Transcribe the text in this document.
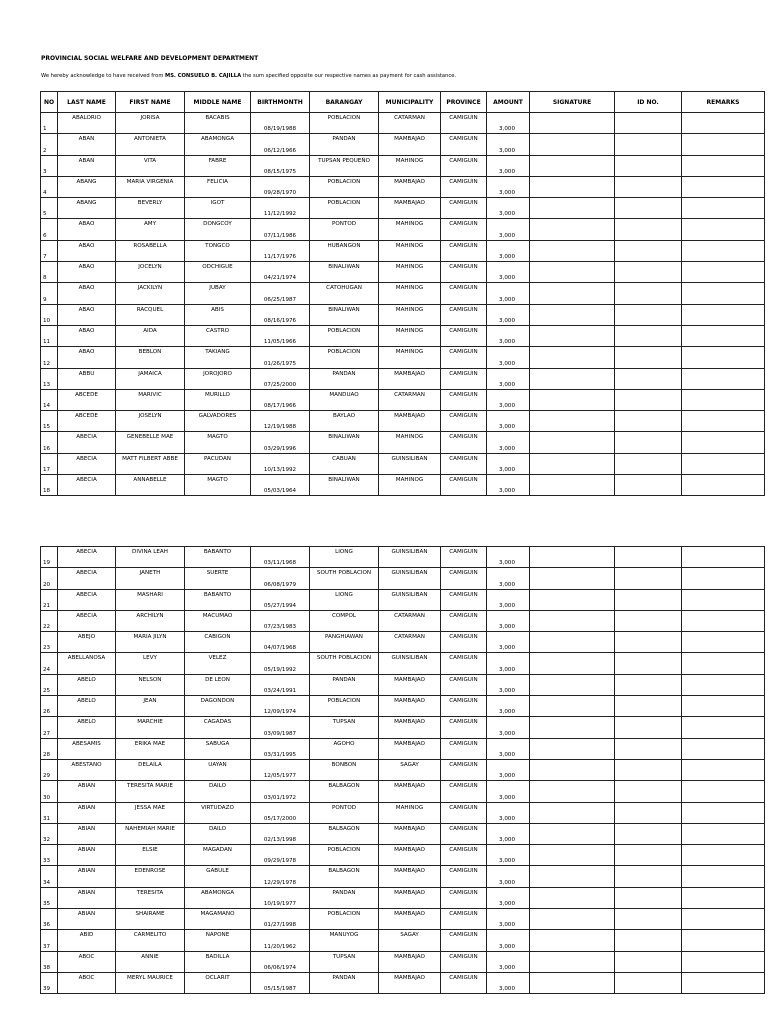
PROVINCIAL SOCIAL WELFARE AND DEVELOPMENT DEPARTMENT
We hereby acknowledge to have received from MS. CONSUELO B. CAJILLA the sum specified opposite our respective names as payment for cash assistance.
NO	LAST NAME	FIRST NAME	MIDDLE NAME	BIRTHMONTH	BARANGAY	MUNICIPALITY	PROVINCE	AMOUNT	SIGNATURE	ID NO.	REMARKS
1	ABALORIO	JORISA	BACABIS	08/19/1988	POBLACION	CATARMAN	CAMIGUIN	3,000			
2	ABAN	ANTONIETA	ABAMONGA	06/12/1966	PANDAN	MAMBAJAO	CAMIGUIN	3,000			
3	ABAN	VITA	FABRE	08/15/1975	TUPSAN PEQUEÑO	MAHINOG	CAMIGUIN	3,000			
4	ABANG	MARIA VIRGENIA	FELICIA	09/28/1970	POBLACION	MAMBAJAO	CAMIGUIN	3,000			
5	ABANG	BEVERLY	IGOT	11/12/1992	POBLACION	MAMBAJAO	CAMIGUIN	3,000			
6	ABAO	AMY	DONGCOY	07/11/1986	PONTOD	MAHINOG	CAMIGUIN	3,000			
7	ABAO	ROSABELLA	TONGCO	11/17/1976	HUBANGON	MAHINOG	CAMIGUIN	3,000			
8	ABAO	JOCELYN	ODCHIGUE	04/21/1974	BINALIWAN	MAHINOG	CAMIGUIN	3,000			
9	ABAO	JACKILYN	JUBAY	06/25/1987	CATOHUGAN	MAHINOG	CAMIGUIN	3,000			
10	ABAO	RACQUEL	ABIS	08/16/1976	BINALIWAN	MAHINOG	CAMIGUIN	3,000			
11	ABAO	AIDA	CASTRO	11/05/1966	POBLACION	MAHINOG	CAMIGUIN	3,000			
12	ABAO	BEBLON	TAKIANG	01/26/1975	POBLACION	MAHINOG	CAMIGUIN	3,000			
13	ABBU	JAMAICA	JOROJORO	07/25/2000	PANDAN	MAMBAJAO	CAMIGUIN	3,000			
14	ABCEDE	MARIVIC	MURILLO	08/17/1966	MANDUAO	CATARMAN	CAMIGUIN	3,000			
15	ABCEDE	JOSELYN	GALVADORES	12/19/1988	BAYLAO	MAMBAJAO	CAMIGUIN	3,000			
16	ABECIA	GENEBELLE MAE	MAGTO	03/29/1996	BINALIWAN	MAHINOG	CAMIGUIN	3,000			
17	ABECIA	MATT FILBERT ABBE	PACUDAN	10/13/1992	CABUAN	GUINSILIBAN	CAMIGUIN	3,000			
18	ABECIA	ANNABELLE	MAGTO	05/03/1964	BINALIWAN	MAHINOG	CAMIGUIN	3,000			
19	ABECIA	DIVINA LEAH	BABANTO	03/11/1968	LIONG	GUINSILIBAN	CAMIGUIN	3,000			
20	ABECIA	JANETH	SUERTE	06/08/1979	SOUTH POBLACION	GUINSILIBAN	CAMIGUIN	3,000			
21	ABECIA	MASHARI	BABANTO	05/27/1994	LIONG	GUINSILIBAN	CAMIGUIN	3,000			
22	ABECIA	ARCHILYN	MACUMAO	07/23/1983	COMPOL	CATARMAN	CAMIGUIN	3,000			
23	ABEJO	MARIA JILYN	CABIGON	04/07/1968	PANGHIAWAN	CATARMAN	CAMIGUIN	3,000			
24	ABELLANOSA	LEVY	VELEZ	05/19/1992	SOUTH POBLACION	GUINSILIBAN	CAMIGUIN	3,000			
25	ABELO	NELSON	DE LEON	03/24/1991	PANDAN	MAMBAJAO	CAMIGUIN	3,000			
26	ABELO	JEAN	DAGONDON	12/09/1974	POBLACION	MAMBAJAO	CAMIGUIN	3,000			
27	ABELO	MARCHIE	CAGADAS	03/09/1987	TUPSAN	MAMBAJAO	CAMIGUIN	3,000			
28	ABESAMIS	ERIKA MAE	SABUGA	03/31/1995	AGOHO	MAMBAJAO	CAMIGUIN	3,000			
29	ABESTANO	DELAILA	UAYAN	12/05/1977	BONBON	SAGAY	CAMIGUIN	3,000			
30	ABIAN	TERESITA MARIE	DAILO	03/01/1972	BALBAGON	MAMBAJAO	CAMIGUIN	3,000			
31	ABIAN	JESSA MAE	VIRTUDAZO	05/17/2000	PONTOD	MAHINOG	CAMIGUIN	3,000			
32	ABIAN	NAHEMIAH MARIE	DAILO	02/13/1998	BALBAGON	MAMBAJAO	CAMIGUIN	3,000			
33	ABIAN	ELSIE	MAGADAN	09/29/1978	POBLACION	MAMBAJAO	CAMIGUIN	3,000			
34	ABIAN	EDENROSE	GABULE	12/29/1978	BALBAGON	MAMBAJAO	CAMIGUIN	3,000			
35	ABIAN	TERESITA	ABAMONGA	10/19/1977	PANDAN	MAMBAJAO	CAMIGUIN	3,000			
36	ABIAN	SHAIRAME	MAGAMANO	01/27/1998	POBLACION	MAMBAJAO	CAMIGUIN	3,000			
37	ABID	CARMELITO	NAPONE	11/20/1962	MANUYOG	SAGAY	CAMIGUIN	3,000			
38	ABOC	ANNIE	BADILLA	06/06/1974	TUPSAN	MAMBAJAO	CAMIGUIN	3,000			
39	ABOC	MERYL MAURICE	OCLARIT	05/15/1987	PANDAN	MAMBAJAO	CAMIGUIN	3,000			
